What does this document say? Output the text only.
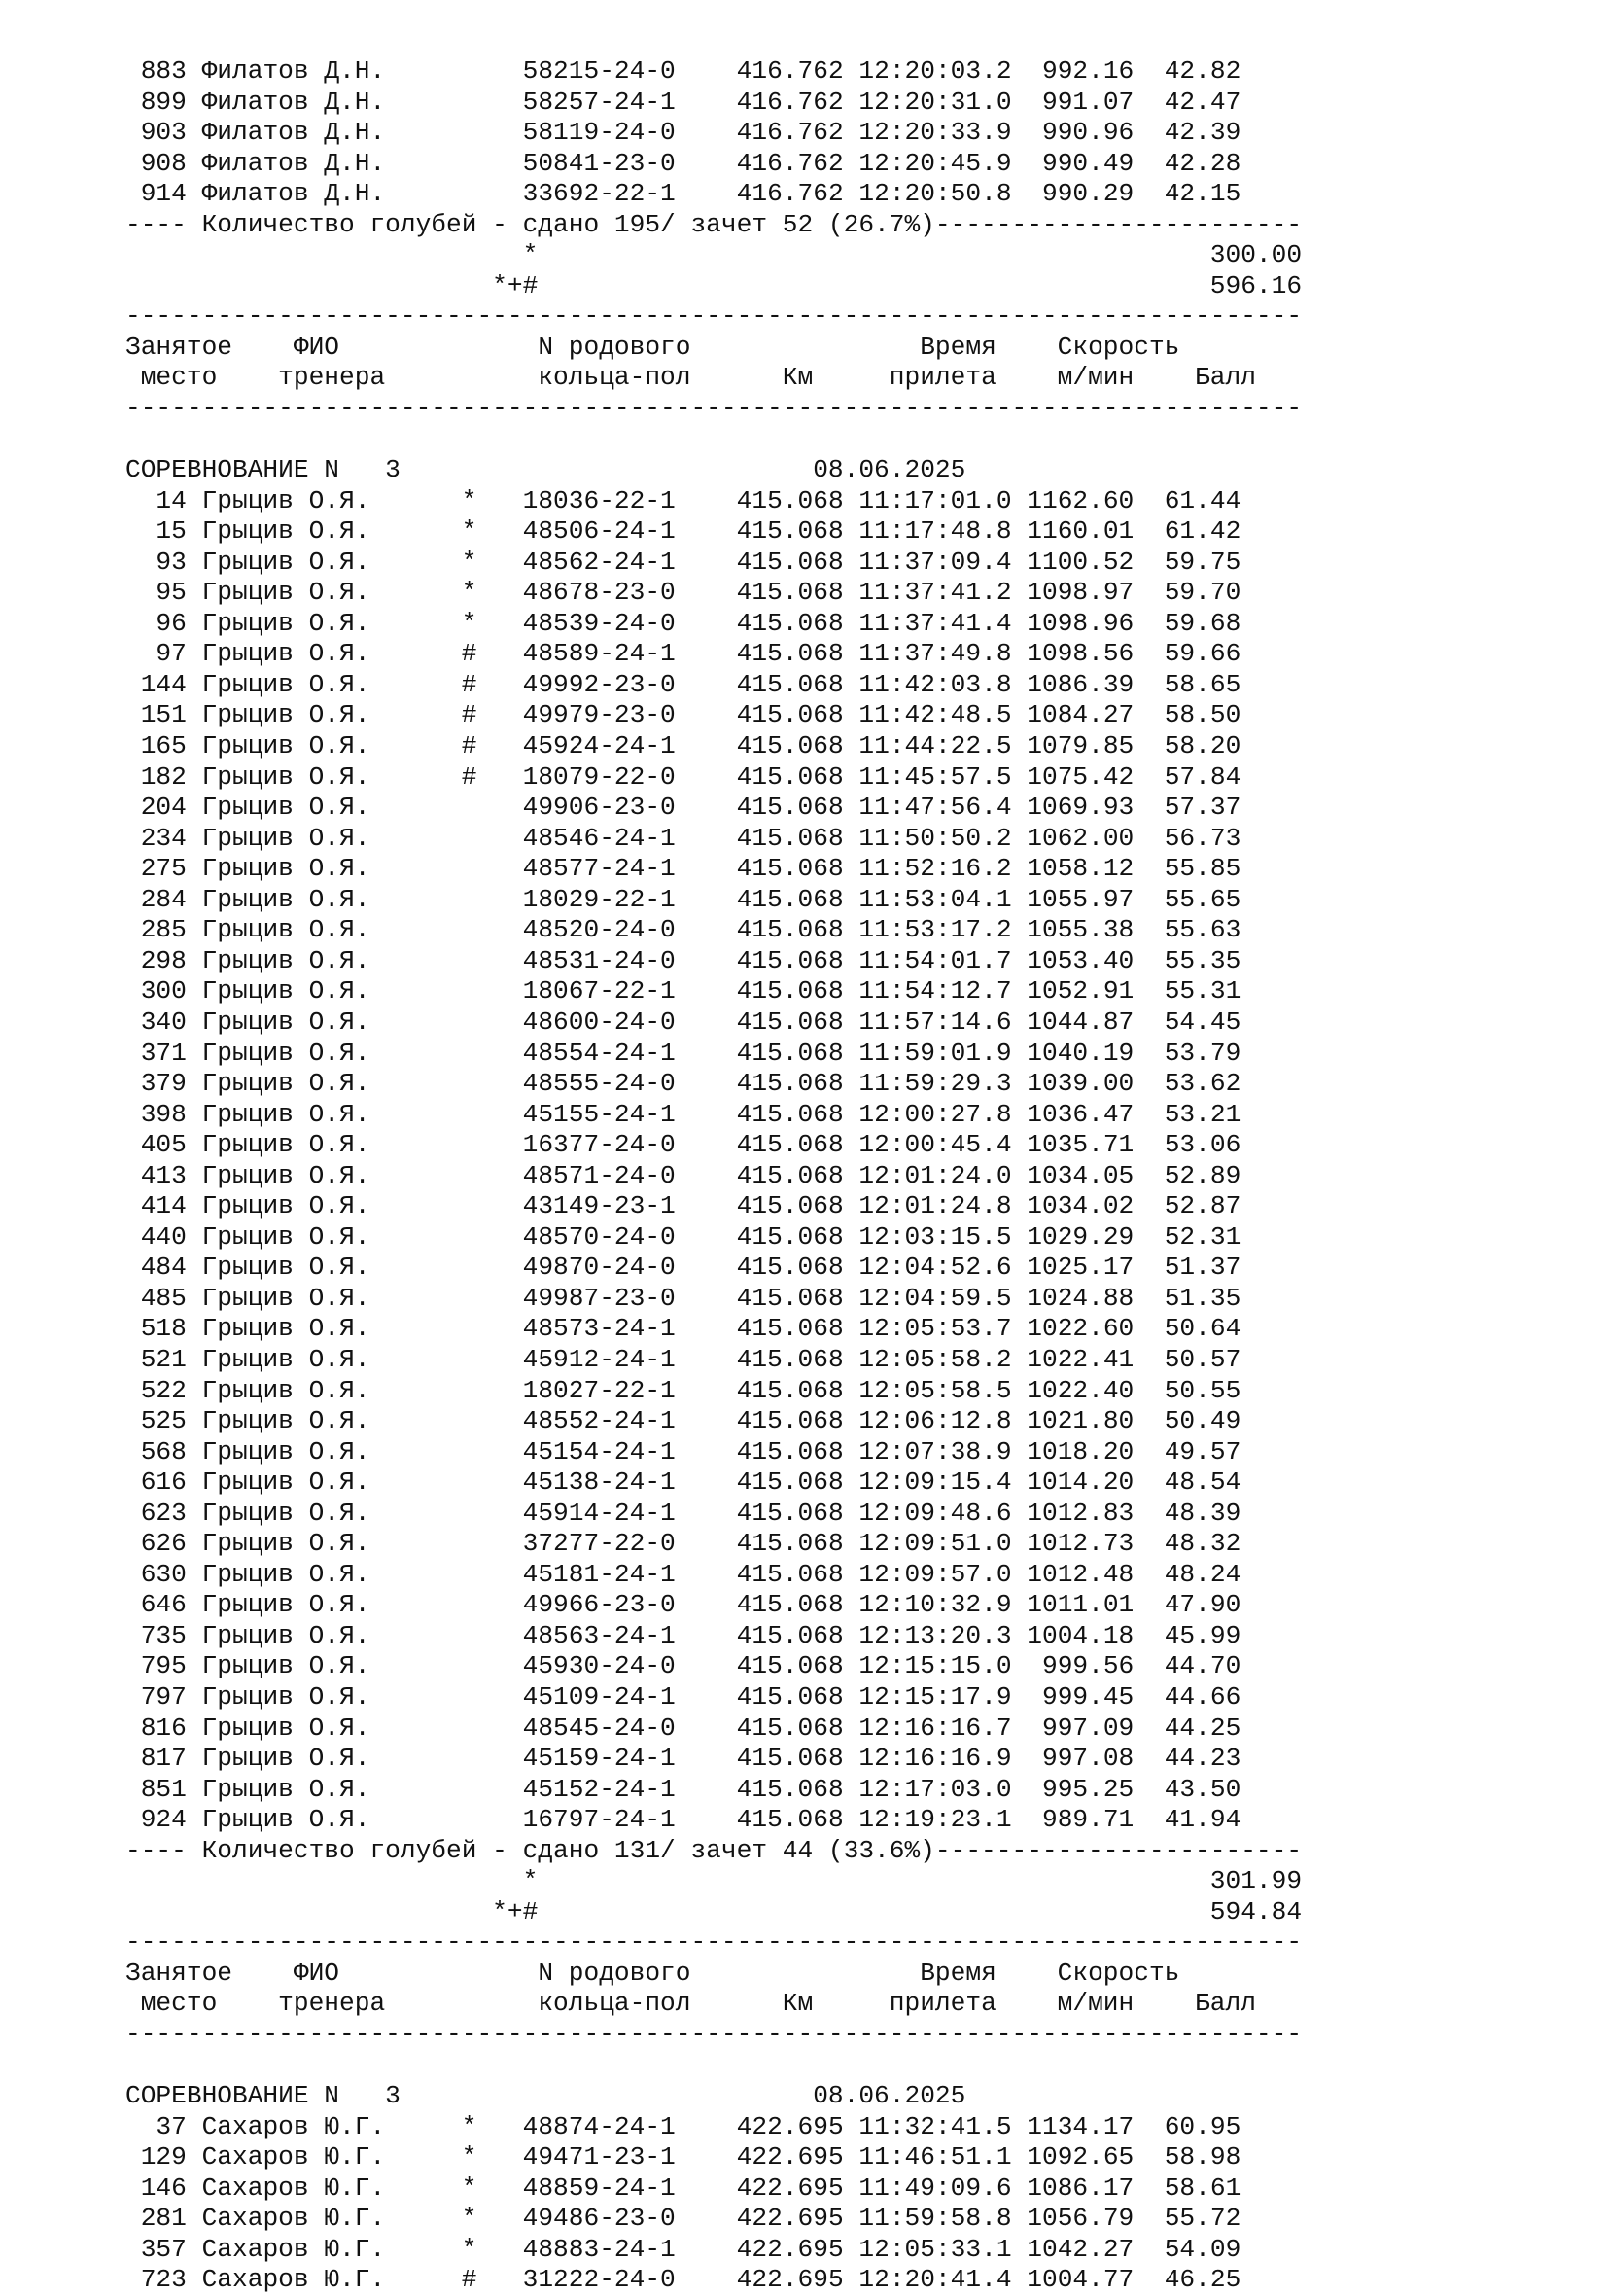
883 Филатов Д.Н.         58215-24-0 416.762 12:20:03.2  992.16  42.82
899 Филатов Д.Н.         58257-24-1 416.762 12:20:31.0  991.07  42.47
903 Филатов Д.Н.         58119-24-0 416.762 12:20:33.9  990.96  42.39
908 Филатов Д.Н.         50841-23-0 416.762 12:20:45.9  990.49  42.28
914 Филатов Д.Н.         33692-22-1 416.762 12:20:50.8  990.29  42.15
---- Количество голубей - сдано 195/ зачет 52 (26.7%)------------------------
*                                            300.00
*+#                                            596.16
-----------------------------------------------------------------------------
Занятое    ФИО             N родового               Время    Скорость
место    тренера          кольца-пол      Км     прилета    м/мин    Балл
-----------------------------------------------------------------------------
СОРЕВНОВАНИЕ N   3	08.06.2025
14 Грыцив О.Я.      *   18036-22-1 415.068 11:17:01.0 1162.60  61.44
15 Грыцив О.Я.      *   48506-24-1 415.068 11:17:48.8 1160.01  61.42
93 Грыцив О.Я.      *   48562-24-1 415.068 11:37:09.4 1100.52  59.75
95 Грыцив О.Я.      *   48678-23-0 415.068 11:37:41.2 1098.97  59.70
96 Грыцив О.Я.      *   48539-24-0 415.068 11:37:41.4 1098.96  59.68
97 Грыцив О.Я.      #   48589-24-1 415.068 11:37:49.8 1098.56  59.66
144 Грыцив О.Я.      #   49992-23-0 415.068 11:42:03.8 1086.39  58.65
151 Грыцив О.Я.      #   49979-23-0 415.068 11:42:48.5 1084.27  58.50
165 Грыцив О.Я.      #   45924-24-1 415.068 11:44:22.5 1079.85  58.20
182 Грыцив О.Я.      #   18079-22-0 415.068 11:45:57.5 1075.42  57.84
204 Грыцив О.Я.          49906-23-0 415.068 11:47:56.4 1069.93  57.37
234 Грыцив О.Я.          48546-24-1 415.068 11:50:50.2 1062.00  56.73
275 Грыцив О.Я.          48577-24-1 415.068 11:52:16.2 1058.12  55.85
284 Грыцив О.Я.          18029-22-1 415.068 11:53:04.1 1055.97  55.65
285 Грыцив О.Я.          48520-24-0 415.068 11:53:17.2 1055.38  55.63
298 Грыцив О.Я.          48531-24-0 415.068 11:54:01.7 1053.40  55.35
300 Грыцив О.Я.          18067-22-1 415.068 11:54:12.7 1052.91  55.31
340 Грыцив О.Я.          48600-24-0 415.068 11:57:14.6 1044.87  54.45
371 Грыцив О.Я.          48554-24-1 415.068 11:59:01.9 1040.19  53.79
379 Грыцив О.Я.          48555-24-0 415.068 11:59:29.3 1039.00  53.62
398 Грыцив О.Я.          45155-24-1 415.068 12:00:27.8 1036.47  53.21
405 Грыцив О.Я.          16377-24-0 415.068 12:00:45.4 1035.71  53.06
413 Грыцив О.Я.          48571-24-0 415.068 12:01:24.0 1034.05  52.89
414 Грыцив О.Я.          43149-23-1 415.068 12:01:24.8 1034.02  52.87
440 Грыцив О.Я.          48570-24-0 415.068 12:03:15.5 1029.29  52.31
484 Грыцив О.Я.          49870-24-0 415.068 12:04:52.6 1025.17  51.37
485 Грыцив О.Я.          49987-23-0 415.068 12:04:59.5 1024.88  51.35
518 Грыцив О.Я.          48573-24-1 415.068 12:05:53.7 1022.60  50.64
521 Грыцив О.Я.          45912-24-1 415.068 12:05:58.2 1022.41  50.57
522 Грыцив О.Я.          18027-22-1 415.068 12:05:58.5 1022.40  50.55
525 Грыцив О.Я.          48552-24-1 415.068 12:06:12.8 1021.80  50.49
568 Грыцив О.Я.          45154-24-1 415.068 12:07:38.9 1018.20  49.57
616 Грыцив О.Я.          45138-24-1 415.068 12:09:15.4 1014.20  48.54
623 Грыцив О.Я.          45914-24-1 415.068 12:09:48.6 1012.83  48.39
626 Грыцив О.Я.          37277-22-0 415.068 12:09:51.0 1012.73  48.32
630 Грыцив О.Я.          45181-24-1 415.068 12:09:57.0 1012.48  48.24
646 Грыцив О.Я.          49966-23-0 415.068 12:10:32.9 1011.01  47.90
735 Грыцив О.Я.          48563-24-1 415.068 12:13:20.3 1004.18  45.99
795 Грыцив О.Я.          45930-24-0 415.068 12:15:15.0  999.56  44.70
797 Грыцив О.Я.          45109-24-1 415.068 12:15:17.9  999.45  44.66
816 Грыцив О.Я.          48545-24-0 415.068 12:16:16.7  997.09  44.25
817 Грыцив О.Я.          45159-24-1 415.068 12:16:16.9  997.08  44.23
851 Грыцив О.Я.          45152-24-1 415.068 12:17:03.0  995.25  43.50
924 Грыцив О.Я.          16797-24-1 415.068 12:19:23.1  989.71  41.94
---- Количество голубей - сдано 131/ зачет 44 (33.6%)------------------------
*                                            301.99
*+#                                            594.84
-----------------------------------------------------------------------------
Занятое    ФИО             N родового               Время    Скорость
место    тренера          кольца-пол      Км     прилета    м/мин    Балл
-----------------------------------------------------------------------------
СОРЕВНОВАНИЕ N   3	08.06.2025
37 Сахаров Ю.Г.     *   48874-24-1 422.695 11:32:41.5 1134.17  60.95
129 Сахаров Ю.Г.     *   49471-23-1 422.695 11:46:51.1 1092.65  58.98
146 Сахаров Ю.Г.     *   48859-24-1 422.695 11:49:09.6 1086.17  58.61
281 Сахаров Ю.Г.     *   49486-23-0 422.695 11:59:58.8 1056.79  55.72
357 Сахаров Ю.Г.     *   48883-24-1 422.695 12:05:33.1 1042.27  54.09
723 Сахаров Ю.Г.     #   31222-24-0 422.695 12:20:41.4 1004.77  46.25
